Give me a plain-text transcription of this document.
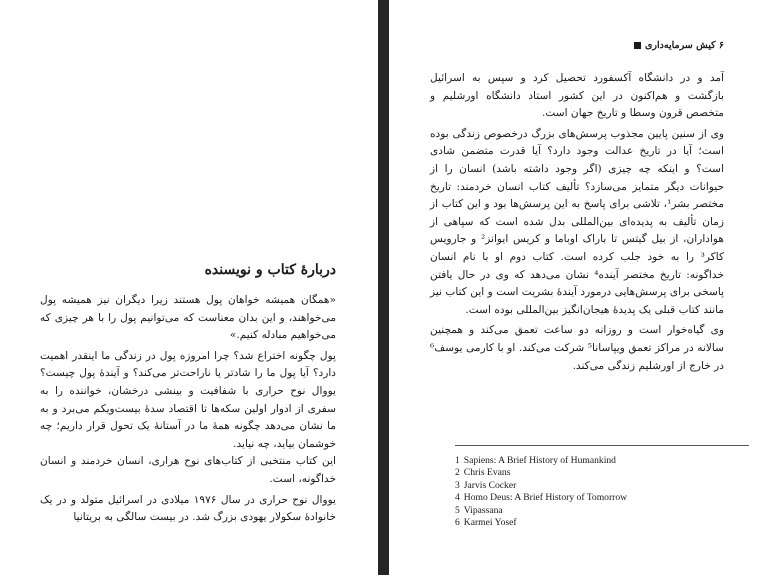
دربارهٔ کتاب و نویسنده

«همگان همیشه خواهان پول هستند زیرا دیگران نیز همیشه پول می‌خواهند، و این بدان معناست که می‌توانیم پول را با هر چیزی که می‌خواهیم مبادله کنیم.»

پول چگونه اختراع شد؟ چرا امروزه پول در زندگی ما اینقدر اهمیت دارد؟ آیا پول ما را شادتر یا ناراحت‌تر می‌کند؟ و آیندهٔ پول چیست؟ یووال نوح حراری با شفافیت و بینشی درخشان، خواننده را به سفری از ادوار اولین سکه‌ها تا اقتصاد سدهٔ بیست‌ویکم می‌برد و به ما نشان می‌دهد چگونه همهٔ ما در آستانهٔ یک تحول قرار داریم؛ چه خوشمان بیاید، چه نیاید.

این کتاب منتخبی از کتاب‌های نوح هراری، انسان خردمند و انسان خداگونه، است.

یووال نوح حراری در سال ۱۹۷۶ میلادی در اسرائیل متولد و در یک خانوادهٔ سکولار یهودی بزرگ شد. در بیست سالگی به بریتانیا

۶ کیش سرمایه‌داری

آمد و در دانشگاه آکسفورد تحصیل کرد و سپس به اسرائیل بازگشت و هم‌اکنون در این کشور استاد دانشگاه اورشلیم و متخصص قرون وسطا و تاریخ جهان است.

وی از سنین پایین مجذوب پرسش‌های بزرگ درخصوص زندگی بوده است؛ آیا در تاریخ عدالت وجود دارد؟ آیا قدرت متضمن شادی است؟ و اینکه چه چیزی (اگر وجود داشته باشد) انسان را از حیوانات دیگر متمایز می‌سازد؟ تألیف کتاب انسان خردمند: تاریخ مختصر بشر¹، تلاشی برای پاسخ به این پرسش‌ها بود و این کتاب از زمان تألیف به پدیده‌ای بین‌المللی بدل شده است که سپاهی از هواداران، از بیل گیتس تا باراک اوباما و کریس ایوانز² و جارویس کاکر³ را به خود جلب کرده است. کتاب دوم او با نام انسان خداگونه: تاریخ مختصر آینده⁴ نشان می‌دهد که وی در حال یافتن پاسخی برای پرسش‌هایی درمورد آیندهٔ بشریت است و این کتاب نیز مانند کتاب قبلی یک پدیدهٔ هیجان‌انگیز بین‌المللی بوده است.

وی گیاه‌خوار است و روزانه دو ساعت تعمق می‌کند و همچنین سالانه در مراکز تعمق ویپاسانا⁵ شرکت می‌کند. او با کارمی یوسف⁶ در خارج از اورشلیم زندگی می‌کند.

1 Sapiens: A Brief History of Humankind
2 Chris Evans
3 Jarvis Cocker
4 Homo Deus: A Brief History of Tomorrow
5 Vipassana
6 Karmei Yosef
